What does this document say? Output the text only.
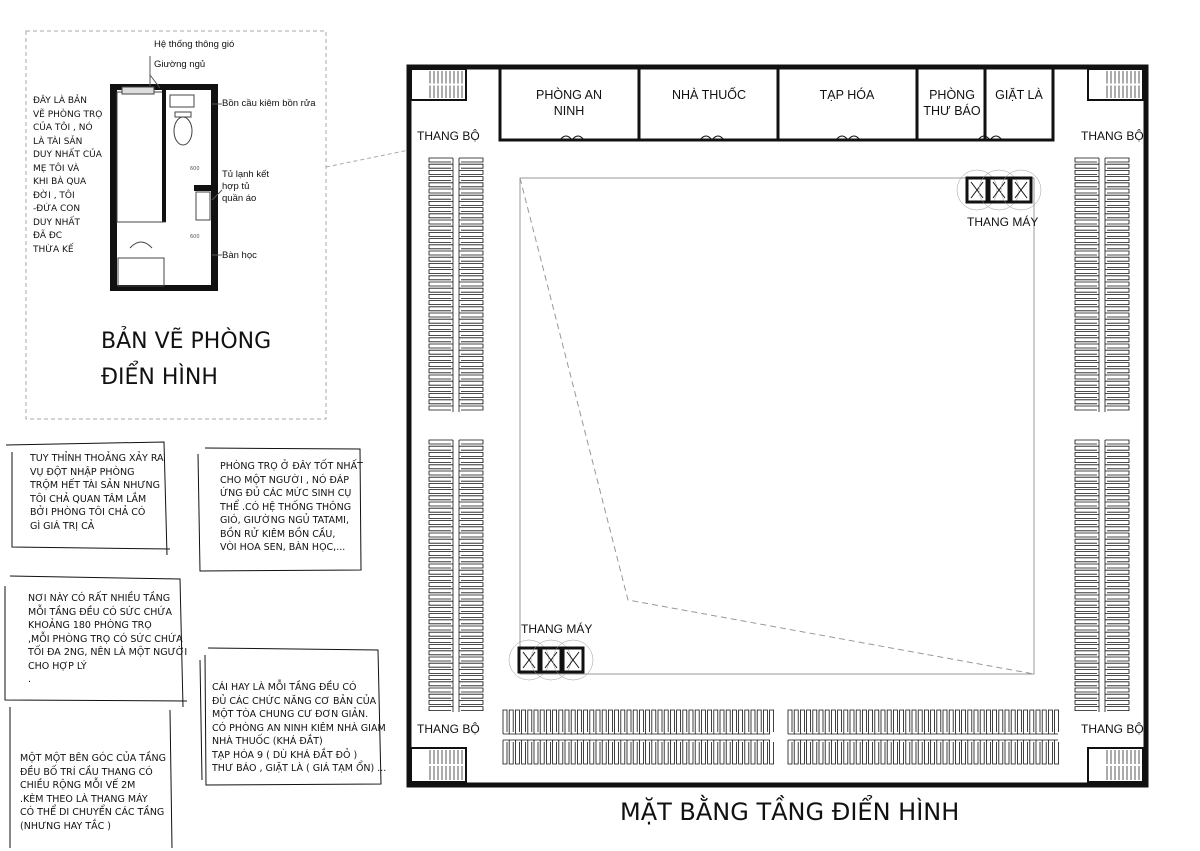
600
600
Hệ thống thông gió
Giường ngủ
Bồn cầu kiêm bồn rửa
Tủ lạnh kết
hợp tủ
quần áo
Bàn học
ĐÂY LÀ BẢN
VẼ PHÒNG TRỌ
CỦA TÔI , NÓ
LÀ TÀI SẢN
DUY NHẤT CỦA
MẸ TÔI VÀ
KHI BÀ QUA
ĐỜI , TÔI
-ĐỨA CON
DUY NHẤT
ĐÃ ĐC
THỪA KẾ
BẢN VẼ PHÒNG
ĐIỂN HÌNH
TUY THỈNH THOẢNG XẢY RA
VỤ ĐỘT NHẬP PHÒNG
TRỘM HẾT TÀI SẢN NHƯNG
TÔI CHẢ QUAN TÂM LẮM
BỞI PHÒNG TÔI CHẢ CÓ
GÌ GIÁ TRỊ CẢ
PHÒNG TRỌ Ở ĐÂY TỐT NHẤT
CHO MỘT NGƯỜI , NÓ ĐÁP
ỨNG ĐỦ CÁC MỨC SINH CỤ
THỂ .CÓ HỆ THỐNG THÔNG
GIÓ, GIƯỜNG NGỦ TATAMI,
BỒN RỬ KIÊM BỒN CẦU,
VÒI HOA SEN, BÀN HỌC,...
NƠI NÀY CÓ RẤT NHIỀU TẦNG
MỖI TẦNG ĐỀU CÓ SỨC CHỨA
KHOẢNG 180 PHÒNG TRỌ
,MỖI PHÒNG TRỌ CÓ SỨC CHỨA
TỐI ĐA 2NG, NÊN LÀ MỘT NGƯỜI
CHO HỢP LÝ
.
CÁI HAY LÀ MỖI TẦNG ĐỀU CÓ
ĐỦ CÁC CHỨC NĂNG CƠ BẢN CỦA
MỘT TÒA CHUNG CƯ ĐƠN GIẢN.
CÓ PHÒNG AN NINH KIÊM NHÀ GIAM
NHÀ THUỐC (KHÁ ĐẮT)
TẠP HÓA 9 ( DÙ KHÁ ĐẮT ĐỎ )
THƯ BÁO , GIẶT LÀ ( GIÁ TẠM ỔN) ...
MỘT MỘT BÊN GÓC CỦA TẦNG
ĐỀU BỐ TRÍ CẦU THANG CÓ
CHIỀU RỘNG MỖI VẾ 2M
.KÈM THEO LÀ THANG MÁY
CÓ THỂ DI CHUYỂN CÁC TẦNG
(NHƯNG HAY TẮC )
PHÒNG AN
NINH
NHÀ THUỐC	TẠP HÓA	PHÒNG
THƯ BÁO
GIẶT LÀ
THANG BỘ	THANG BỘ
THANG BỘ	THANG BỘ
THANG MÁY
THANG MÁY
MẶT BẰNG TẦNG ĐIỂN HÌNH
